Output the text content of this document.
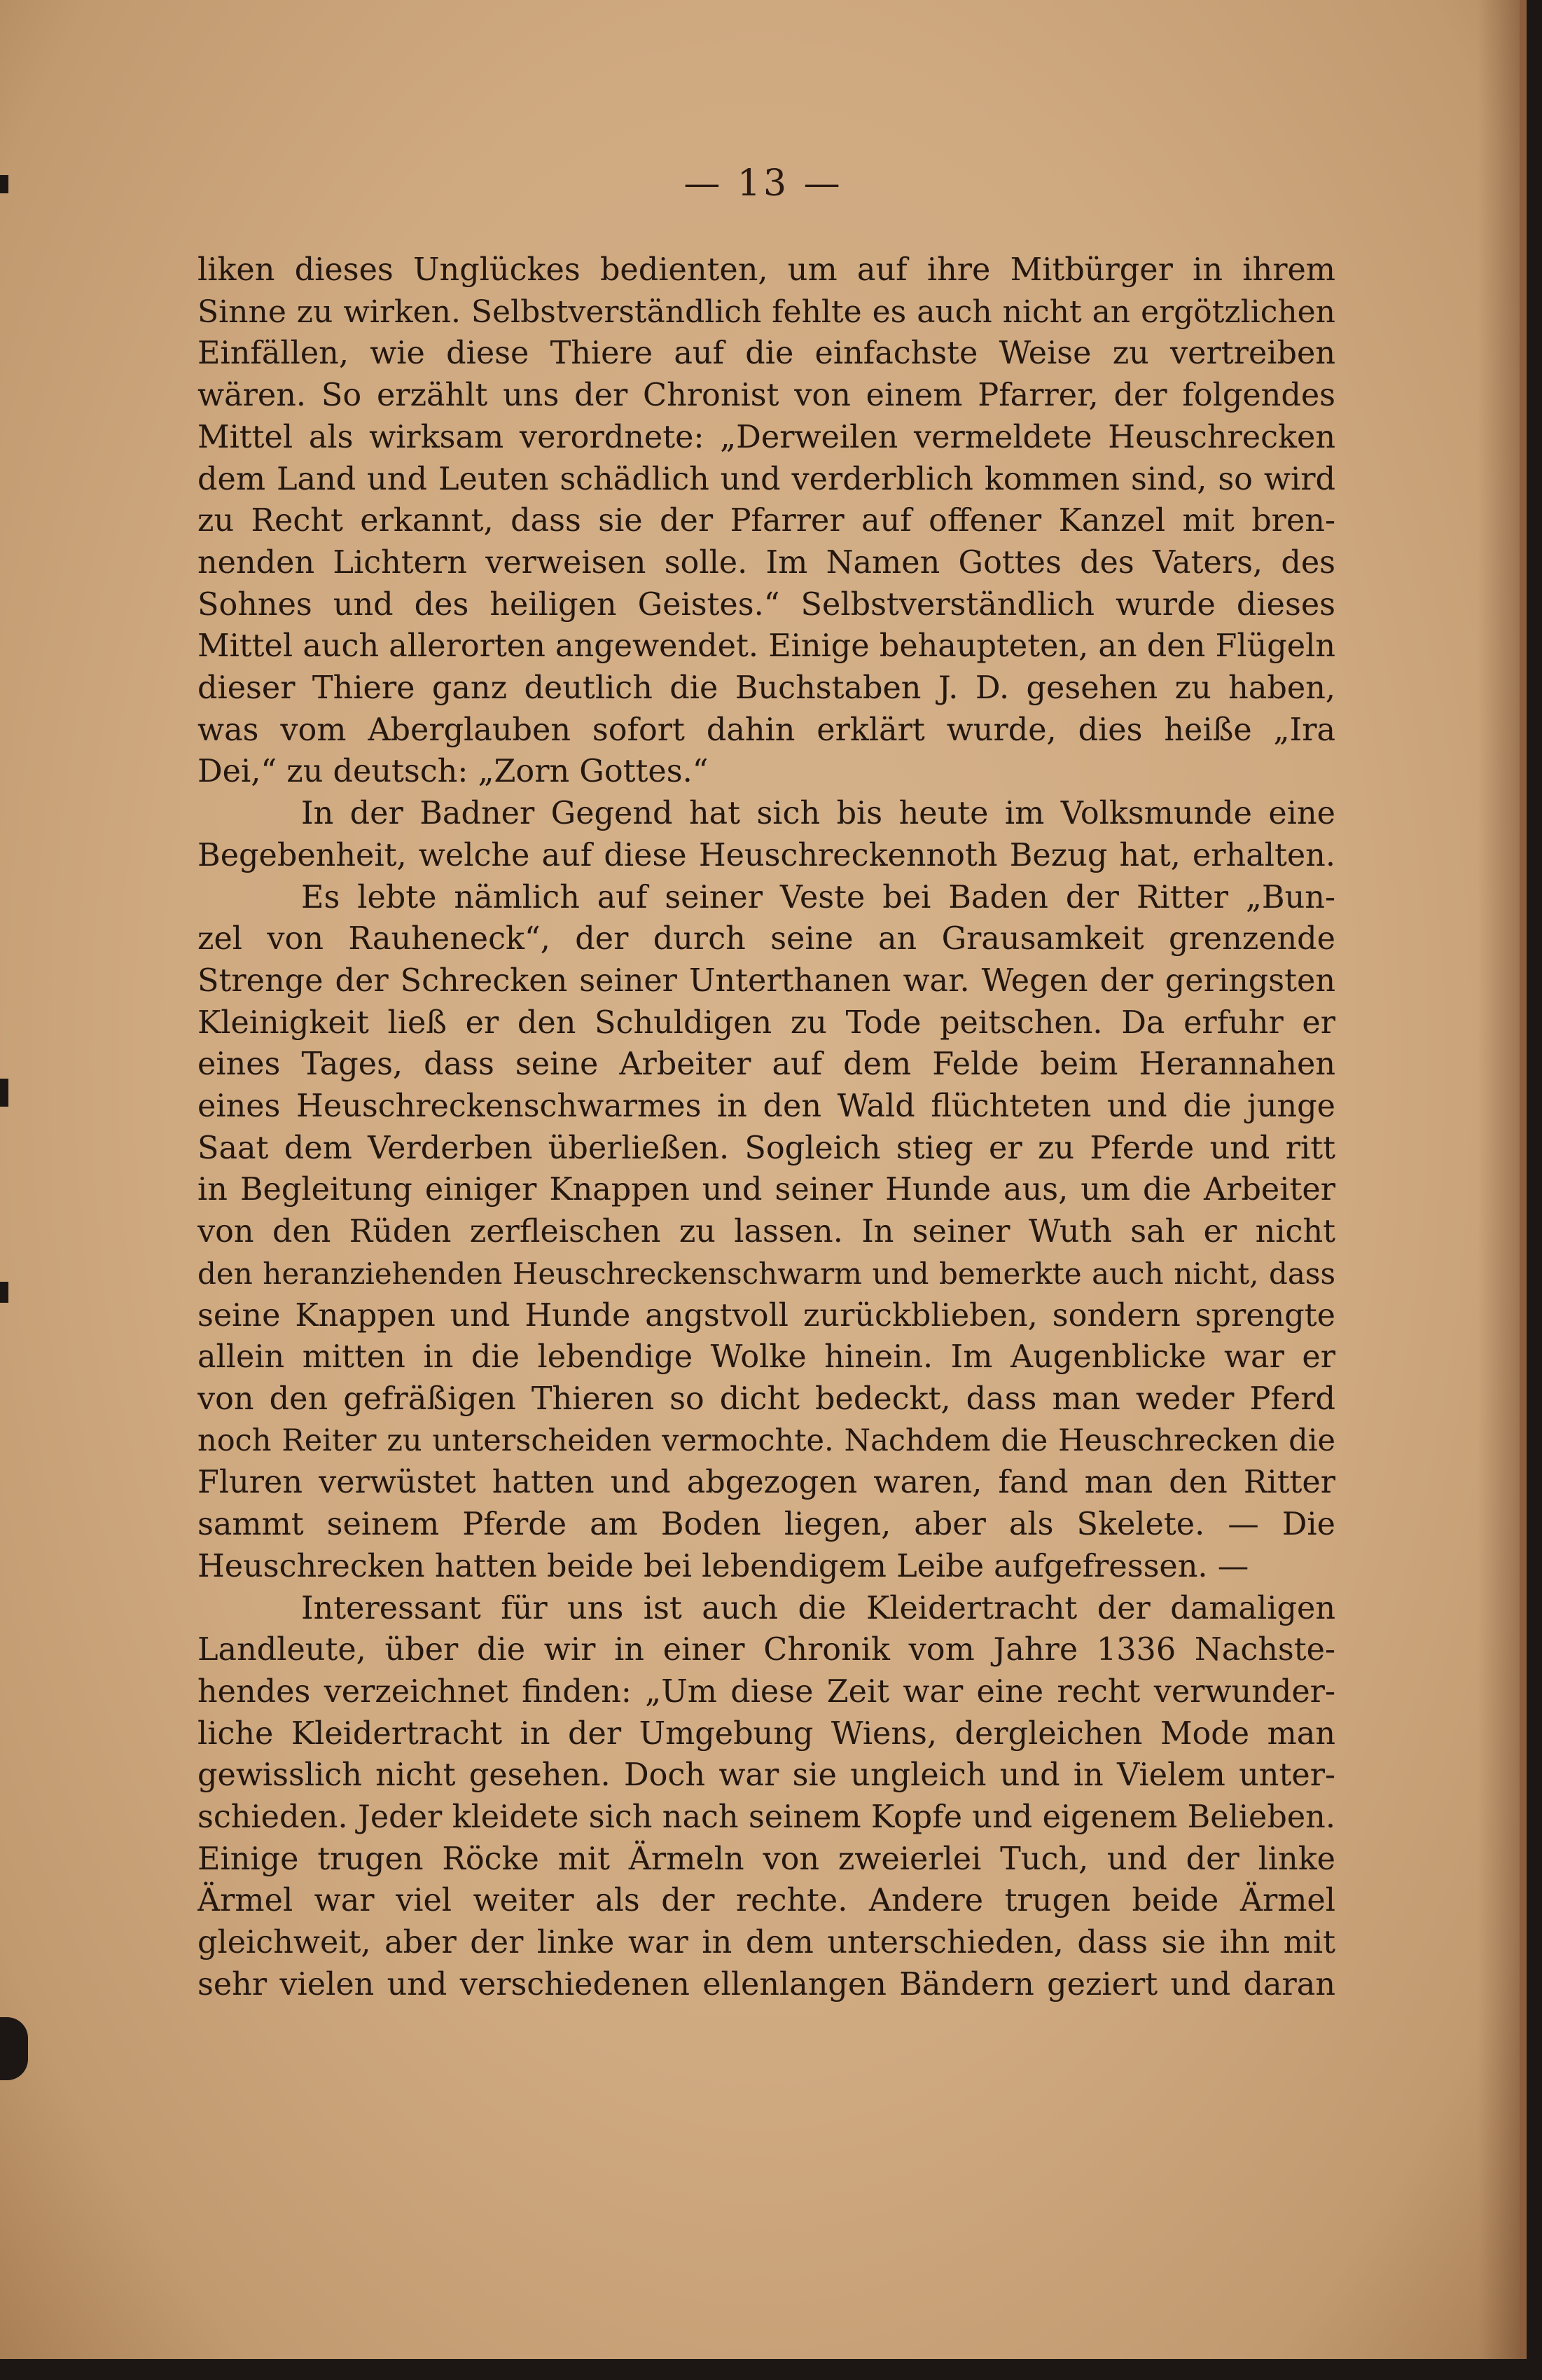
— 13 —
liken dieses Unglückes bedienten, um auf ihre Mitbürger in ihrem
Sinne zu wirken. Selbstverständlich fehlte es auch nicht an ergötzlichen
Einfällen, wie diese Thiere auf die einfachste Weise zu vertreiben
wären. So erzählt uns der Chronist von einem Pfarrer, der folgendes
Mittel als wirksam verordnete: „Derweilen vermeldete Heuschrecken
dem Land und Leuten schädlich und verderblich kommen sind, so wird
zu Recht erkannt, dass sie der Pfarrer auf offener Kanzel mit bren-
nenden Lichtern verweisen solle. Im Namen Gottes des Vaters, des
Sohnes und des heiligen Geistes.“ Selbstverständlich wurde dieses
Mittel auch allerorten angewendet. Einige behaupteten, an den Flügeln
dieser Thiere ganz deutlich die Buchstaben J. D. gesehen zu haben,
was vom Aberglauben sofort dahin erklärt wurde, dies heiße „Ira
Dei,“ zu deutsch: „Zorn Gottes.“
In der Badner Gegend hat sich bis heute im Volksmunde eine
Begebenheit, welche auf diese Heuschreckennoth Bezug hat, erhalten.
Es lebte nämlich auf seiner Veste bei Baden der Ritter „Bun-
zel von Rauheneck“, der durch seine an Grausamkeit grenzende
Strenge der Schrecken seiner Unterthanen war. Wegen der geringsten
Kleinigkeit ließ er den Schuldigen zu Tode peitschen. Da erfuhr er
eines Tages, dass seine Arbeiter auf dem Felde beim Herannahen
eines Heuschreckenschwarmes in den Wald flüchteten und die junge
Saat dem Verderben überließen. Sogleich stieg er zu Pferde und ritt
in Begleitung einiger Knappen und seiner Hunde aus, um die Arbeiter
von den Rüden zerfleischen zu lassen. In seiner Wuth sah er nicht
den heranziehenden Heuschreckenschwarm und bemerkte auch nicht, dass
seine Knappen und Hunde angstvoll zurückblieben, sondern sprengte
allein mitten in die lebendige Wolke hinein. Im Augenblicke war er
von den gefräßigen Thieren so dicht bedeckt, dass man weder Pferd
noch Reiter zu unterscheiden vermochte. Nachdem die Heuschrecken die
Fluren verwüstet hatten und abgezogen waren, fand man den Ritter
sammt seinem Pferde am Boden liegen, aber als Skelete. — Die
Heuschrecken hatten beide bei lebendigem Leibe aufgefressen. —
Interessant für uns ist auch die Kleidertracht der damaligen
Landleute, über die wir in einer Chronik vom Jahre 1336 Nachste-
hendes verzeichnet finden: „Um diese Zeit war eine recht verwunder-
liche Kleidertracht in der Umgebung Wiens, dergleichen Mode man
gewisslich nicht gesehen. Doch war sie ungleich und in Vielem unter-
schieden. Jeder kleidete sich nach seinem Kopfe und eigenem Belieben.
Einige trugen Röcke mit Ärmeln von zweierlei Tuch, und der linke
Ärmel war viel weiter als der rechte. Andere trugen beide Ärmel
gleichweit, aber der linke war in dem unterschieden, dass sie ihn mit
sehr vielen und verschiedenen ellenlangen Bändern geziert und daran
